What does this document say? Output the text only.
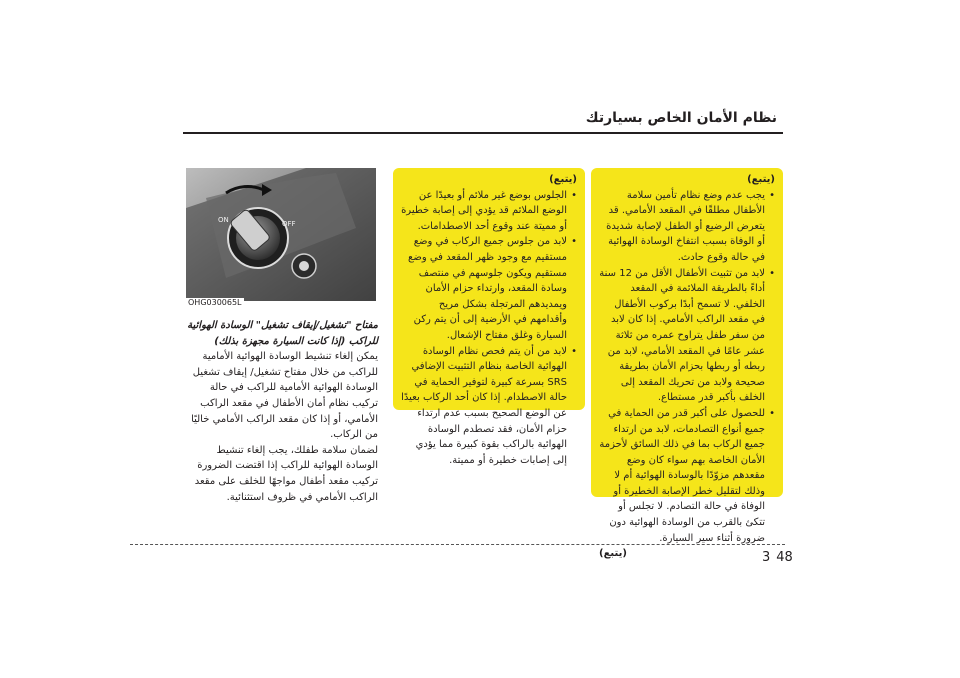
نظام الأمان الخاص بسيارتك
(يتبع)
• يجب عدم وضع نظام تأمين سلامة الأطفال مطلقًا في المقعد الأمامي. قد يتعرض الرضيع أو الطفل لإصابة شديدة أو الوفاة بسبب انتفاخ الوسادة الهوائية في حالة وقوع حادث.
• لابد من تثبيت الأطفال الأقل من 12 سنة أداءً بالطريقة الملائمة في المقعد الخلفي. لا تسمح أبدًا بركوب الأطفال في مقعد الراكب الأمامي. إذا كان لابد من سفر طفل يتراوح عمره من ثلاثة عشر عامًا في المقعد الأمامي، لابد من ربطه أو ربطها بحزام الأمان بطريقة صحيحة ولابد من تحريك المقعد إلى الخلف بأكبر قدر مستطاع.
• للحصول على أكبر قدر من الحماية في جميع أنواع التصادمات، لابد من ارتداء جميع الركاب بما في ذلك السائق لأحزمة الأمان الخاصة بهم سواء كان وضع مقعدهم مزوّدًا بالوسادة الهوائية أم لا وذلك لتقليل خطر الإصابة الخطيرة أو الوفاة في حالة التصادم. لا تجلس أو تتكئ بالقرب من الوسادة الهوائية دون ضرورة أثناء سير السيارة.
(يتبع)
(يتبع)
• الجلوس بوضع غير ملائم أو بعيدًا عن الوضع الملائم قد يؤدي إلى إصابة خطيرة أو مميتة عند وقوع أحد الاصطدامات.
• لابد من جلوس جميع الركاب في وضع مستقيم مع وجود ظهر المقعد في وضع مستقيم ويكون جلوسهم في منتصف وسادة المقعد، وارتداء حزام الأمان ويمديدهم المرتجلة بشكل مريح وأقدامهم في الأرضية إلى أن يتم ركن السيارة وغلق مفتاح الإشعال.
• لابد من أن يتم فحص نظام الوسادة الهوائية الخاصة بنظام التثبيت الإضافي SRS بسرعة كبيرة لتوفير الحماية في حالة الاصطدام. إذا كان أحد الركاب بعيدًا عن الوضع الصحيح بسبب عدم ارتداء حزام الأمان، فقد تصطدم الوسادة الهوائية بالراكب بقوة كبيرة مما يؤدي إلى إصابات خطيرة أو مميتة.
ON	OFF
OHG030065L

مفتاح "تشغيل/إيقاف تشغيل" الوسادة الهوائية للراكب (إذا كانت السيارة مجهزة بذلك)

يمكن إلغاء تنشيط الوسادة الهوائية الأمامية للراكب من خلال مفتاح تشغيل/ إيقاف تشغيل الوسادة الهوائية الأمامية للراكب في حالة تركيب نظام أمان الأطفال في مقعد الراكب الأمامي، أو إذا كان مقعد الراكب الأمامي خاليًا من الركاب.

لضمان سلامة طفلك، يجب إلغاء تنشيط الوسادة الهوائية للراكب إذا اقتضت الضرورة تركيب مقعد أطفال مواجهًا للخلف على مقعد الراكب الأمامي في ظروف استثنائية.

3 48
